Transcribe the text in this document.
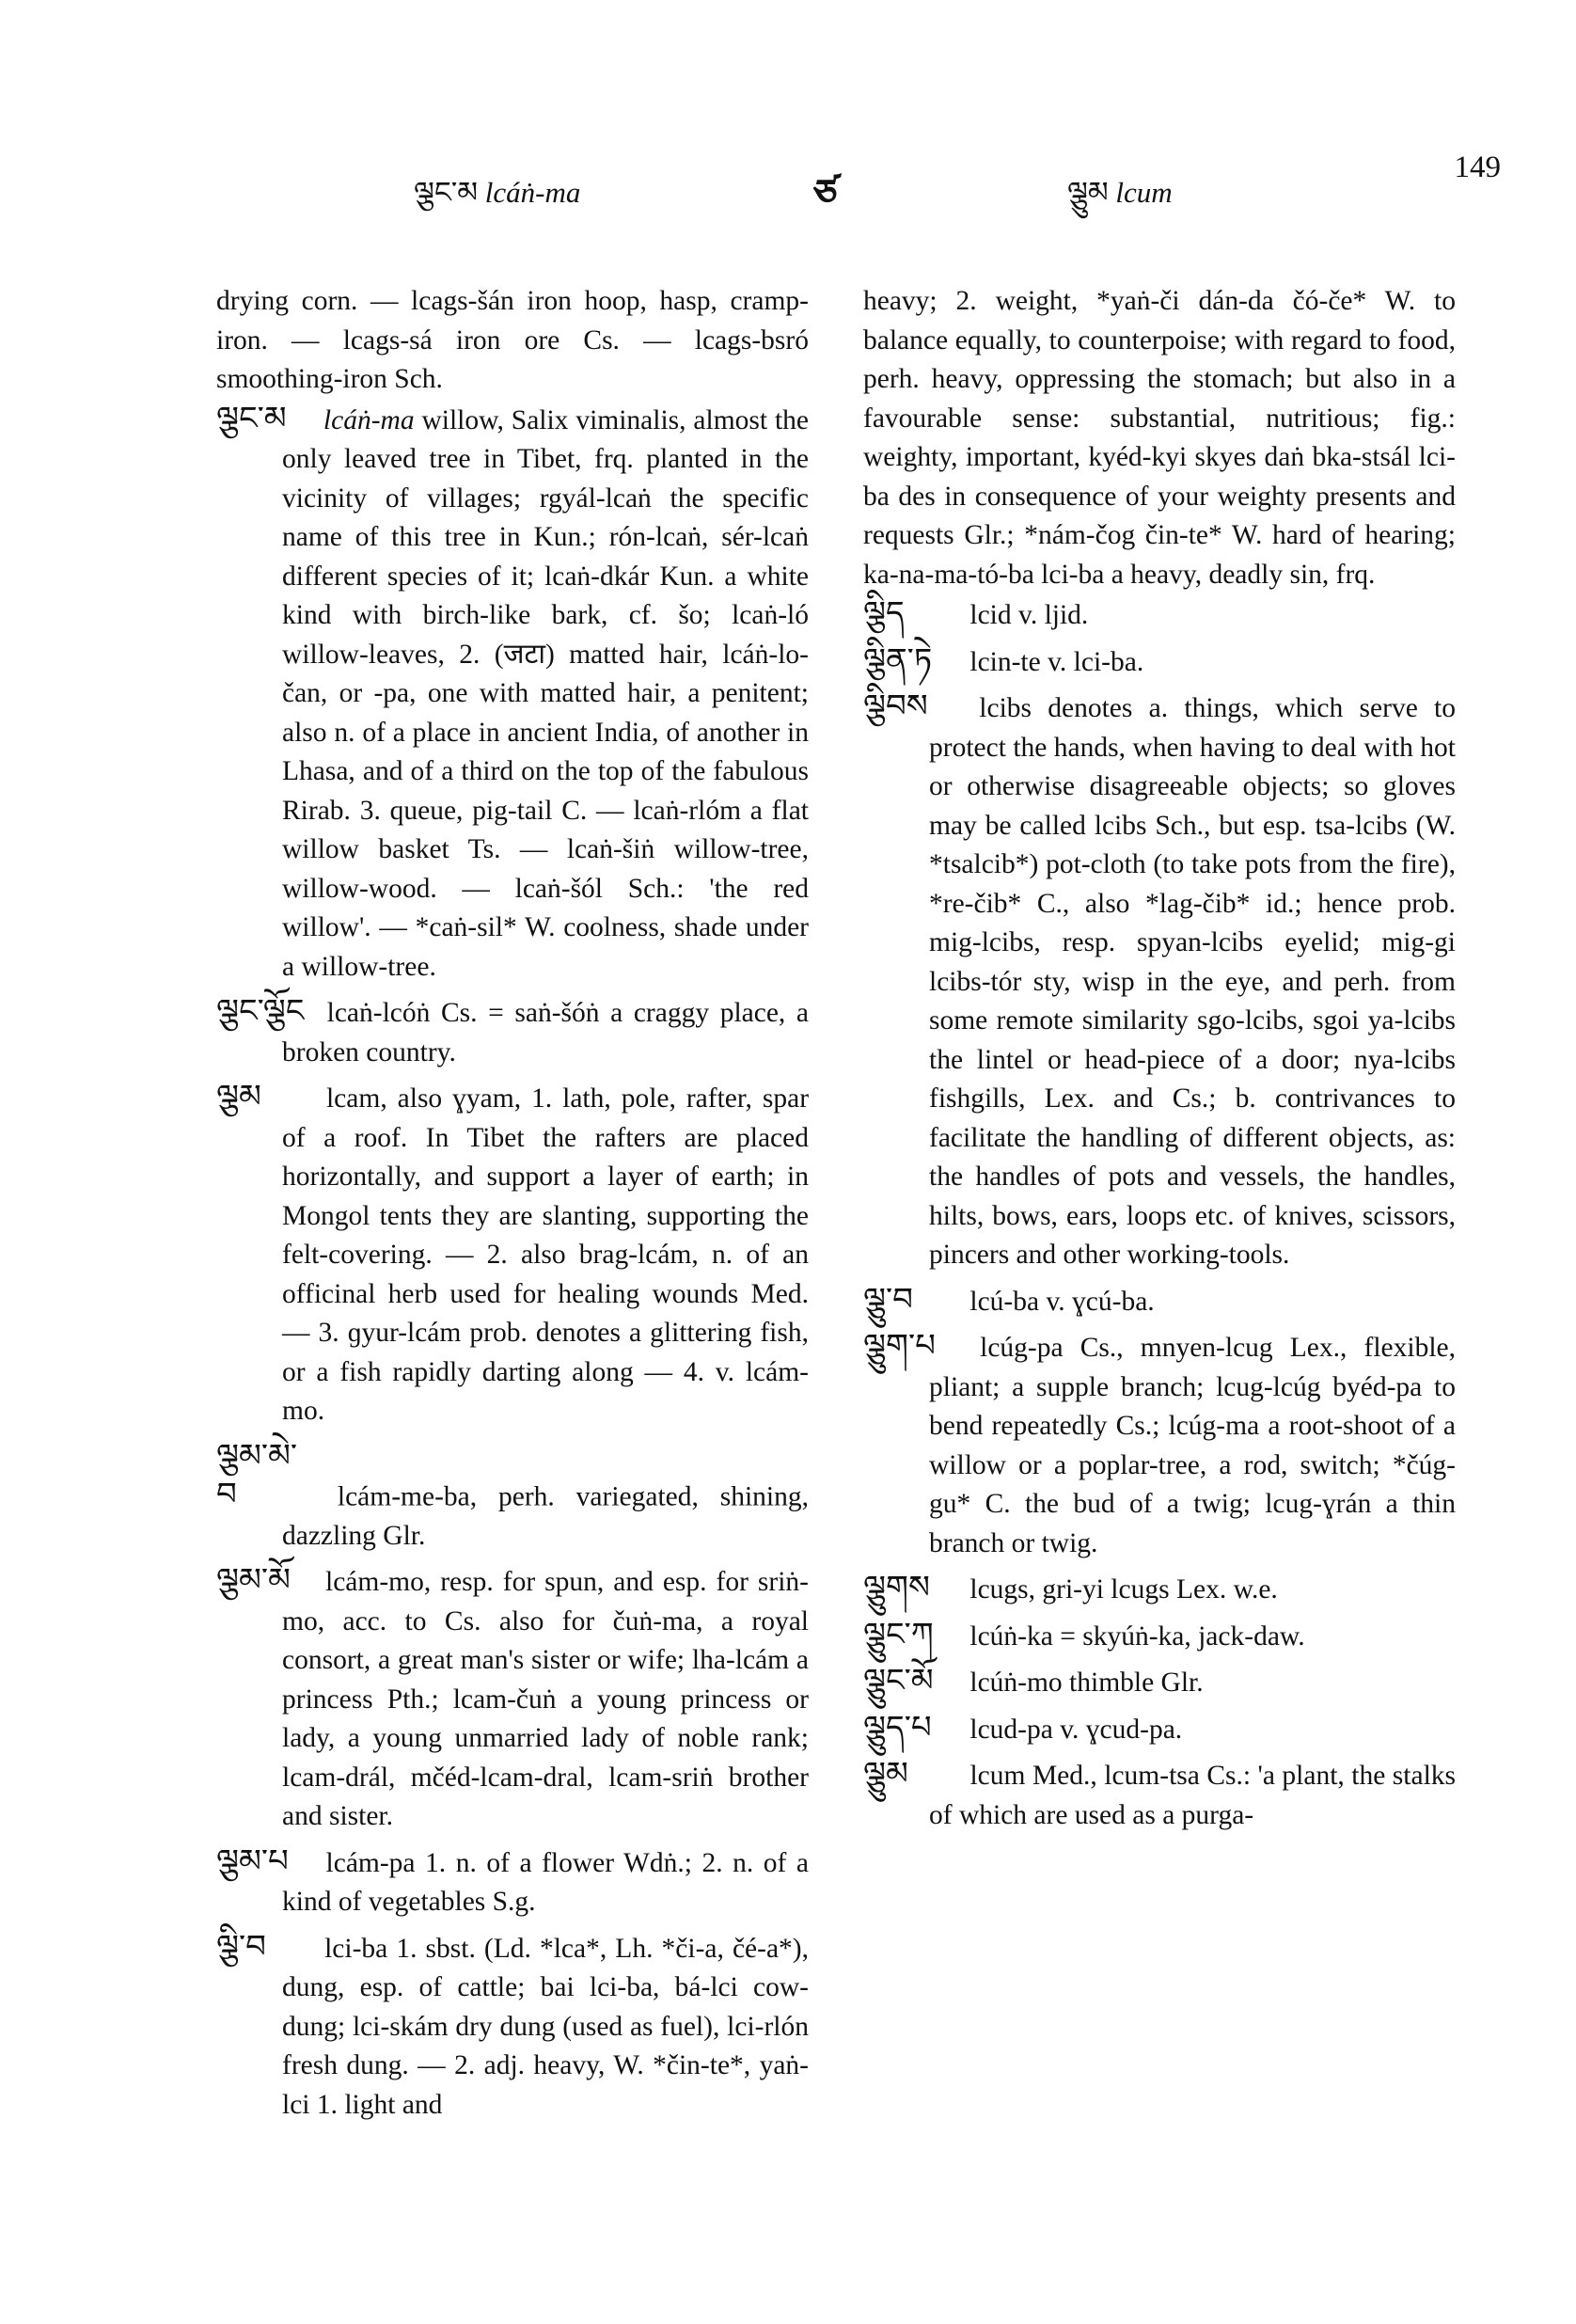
ལྕང་མ lcáṅ-ma	ཙ	ལྕུམ lcum
149

drying corn. — lcags-šán iron hoop, hasp, cramp-iron. — lcags-sá iron ore Cs. — lcags-bsró smoothing-iron Sch.

ལྕང་མ lcáṅ-ma willow, Salix viminalis, almost the only leaved tree in Tibet, frq. planted in the vicinity of villages; rgyál-lcaṅ the specific name of this tree in Kun.; rón-lcaṅ, sér-lcaṅ different species of it; lcaṅ-dkár Kun. a white kind with birch-like bark, cf. šo; lcaṅ-ló willow-leaves, 2. (जटा) matted hair, lcáṅ-lo-čan, or -pa, one with matted hair, a penitent; also n. of a place in ancient India, of another in Lhasa, and of a third on the top of the fabulous Rirab. 3. queue, pig-tail C. — lcaṅ-rlóm a flat willow basket Ts. — lcaṅ-šiṅ willow-tree, willow-wood. — lcaṅ-šól Sch.: 'the red willow'. — *caṅ-sil* W. coolness, shade under a willow-tree.

ལྕང་ལྕོང lcaṅ-lcóṅ Cs. = saṅ-šóṅ a craggy place, a broken country.

ལྕམ lcam, also ɣyam, 1. lath, pole, rafter, spar of a roof. In Tibet the rafters are placed horizontally, and support a layer of earth; in Mongol tents they are slanting, supporting the felt-covering. — 2. also brag-lcám, n. of an officinal herb used for healing wounds Med. — 3. ɡyur-lcám prob. denotes a glittering fish, or a fish rapidly darting along — 4. v. lcám-mo.

ལྕམ་མེ་བ	lcám-me-ba, perh. variegated, shining, dazzling Glr.

ལྕམ་མོ lcám-mo, resp. for spun, and esp. for sriṅ-mo, acc. to Cs. also for čuṅ-ma, a royal consort, a great man's sister or wife; lha-lcám a princess Pth.; lcam-čuṅ a young princess or lady, a young unmarried lady of noble rank; lcam-drál, mčéd-lcam-dral, lcam-sriṅ brother and sister.

ལྕམ་པ lcám-pa 1. n. of a flower Wdṅ.; 2. n. of a kind of vegetables S.g.

ལྕི་བ lci-ba 1. sbst. (Ld. *lca*, Lh. *či-a, čé-a*), dung, esp. of cattle; bai lci-ba, bá-lci cow-dung; lci-skám dry dung (used as fuel), lci-rlón fresh dung. — 2. adj. heavy, W. *čin-te*, yaṅ-lci 1. light and

heavy; 2. weight, *yaṅ-či dán-da čó-če* W. to balance equally, to counterpoise; with regard to food, perh. heavy, oppressing the stomach; but also in a favourable sense: substantial, nutritious; fig.: weighty, important, kyéd-kyi skyes daṅ bka-stsál lci-ba des in consequence of your weighty presents and requests Glr.; *nám-čog čin-te* W. hard of hearing; ka-na-ma-tó-ba lci-ba a heavy, deadly sin, frq.

ལྕིད lcid v. ljid.

ལྕིན་ཏེ lcin-te v. lci-ba.

ལྕིབས lcibs denotes a. things, which serve to protect the hands, when having to deal with hot or otherwise disagreeable objects; so gloves may be called lcibs Sch., but esp. tsa-lcibs (W. *tsalcib*) pot-cloth (to take pots from the fire), *re-čib* C., also *lag-čib* id.; hence prob. mig-lcibs, resp. spyan-lcibs eyelid; mig-gi lcibs-tór sty, wisp in the eye, and perh. from some remote similarity sgo-lcibs, sgoi ya-lcibs the lintel or head-piece of a door; nya-lcibs fishgills, Lex. and Cs.; b. contrivances to facilitate the handling of different objects, as: the handles of pots and vessels, the handles, hilts, bows, ears, loops etc. of knives, scissors, pincers and other working-tools.

ལྕུ་བ lcú-ba v. ɣcú-ba.

ལྕུག་པ lcúg-pa Cs., mnyen-lcug Lex., flexible, pliant; a supple branch; lcug-lcúg byéd-pa to bend repeatedly Cs.; lcúg-ma a root-shoot of a willow or a poplar-tree, a rod, switch; *čúg-gu* C. the bud of a twig; lcug-ɣrán a thin branch or twig.

ལྕུགས lcugs, gri-yi lcugs Lex. w.e.

ལྕུང་ཀ lcúṅ-ka = skyúṅ-ka, jack-daw.

ལྕུང་མོ lcúṅ-mo thimble Glr.

ལྕུད་པ lcud-pa v. ɣcud-pa.

ལྕུམ lcum Med., lcum-tsa Cs.: 'a plant, the stalks of which are used as a purga-
